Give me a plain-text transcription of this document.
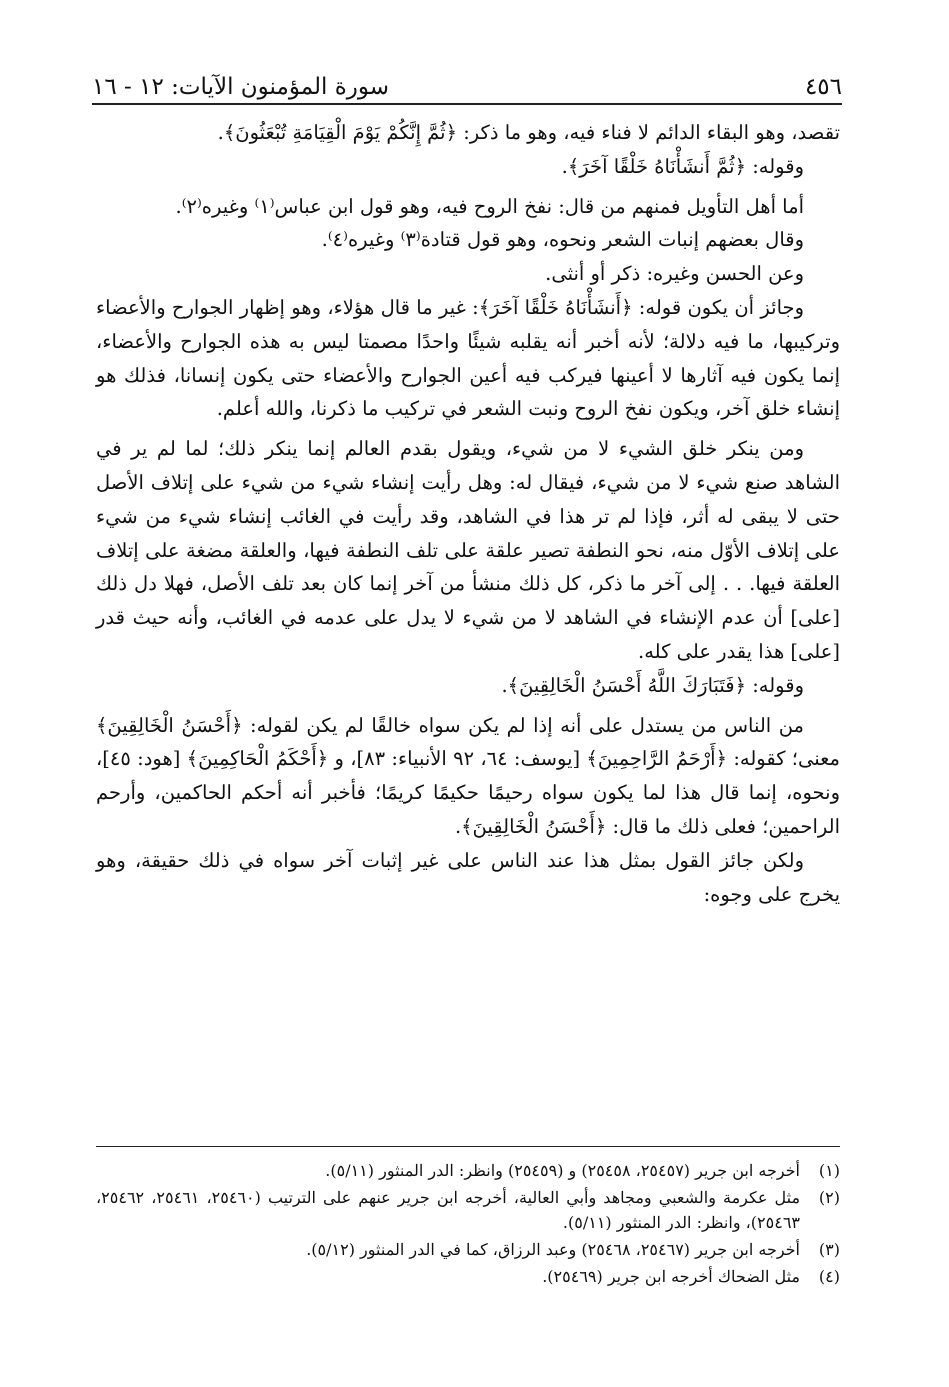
٤٥٦
سورة المؤمنون الآيات: ١٢ - ١٦

تقصد، وهو البقاء الدائم لا فناء فيه، وهو ما ذكر: ﴿ثُمَّ إِنَّكُمْ يَوْمَ الْقِيَامَةِ تُبْعَثُونَ﴾.

وقوله: ﴿ثُمَّ أَنشَأْنَاهُ خَلْقًا آخَرَ﴾.

أما أهل التأويل فمنهم من قال: نفخ الروح فيه، وهو قول ابن عباس⁽١⁾ وغيره⁽٢⁾.

وقال بعضهم إنبات الشعر ونحوه، وهو قول قتادة⁽٣⁾ وغيره⁽٤⁾.

وعن الحسن وغيره: ذكر أو أنثى.

وجائز أن يكون قوله: ﴿أَنشَأْنَاهُ خَلْقًا آخَرَ﴾: غير ما قال هؤلاء، وهو إظهار الجوارح والأعضاء وتركيبها، ما فيه دلالة؛ لأنه أخبر أنه يقلبه شيئًا واحدًا مصمتا ليس به هذه الجوارح والأعضاء، إنما يكون فيه آثارها لا أعينها فيركب فيه أعين الجوارح والأعضاء حتى يكون إنسانا، فذلك هو إنشاء خلق آخر، ويكون نفخ الروح ونبت الشعر في تركيب ما ذكرنا، والله أعلم.

ومن ينكر خلق الشيء لا من شيء، ويقول بقدم العالم إنما ينكر ذلك؛ لما لم ير في الشاهد صنع شيء لا من شيء، فيقال له: وهل رأيت إنشاء شيء من شيء على إتلاف الأصل حتى لا يبقى له أثر، فإذا لم تر هذا في الشاهد، وقد رأيت في الغائب إنشاء شيء من شيء على إتلاف الأوّل منه، نحو النطفة تصير علقة على تلف النطفة فيها، والعلقة مضغة على إتلاف العلقة فيها. . . إلى آخر ما ذكر، كل ذلك منشأ من آخر إنما كان بعد تلف الأصل، فهلا دل ذلك [على] أن عدم الإنشاء في الشاهد لا من شيء لا يدل على عدمه في الغائب، وأنه حيث قدر [على] هذا يقدر على كله.

وقوله: ﴿فَتَبَارَكَ اللَّهُ أَحْسَنُ الْخَالِقِينَ﴾.

من الناس من يستدل على أنه إذا لم يكن سواه خالقًا لم يكن لقوله: ﴿أَحْسَنُ الْخَالِقِينَ﴾ معنى؛ كقوله: ﴿أَرْحَمُ الرَّاحِمِينَ﴾ [يوسف: ٦٤، ٩٢ الأنبياء: ٨٣]، و ﴿أَحْكَمُ الْحَاكِمِينَ﴾ [هود: ٤٥]، ونحوه، إنما قال هذا لما يكون سواه رحيمًا حكيمًا كريمًا؛ فأخبر أنه أحكم الحاكمين، وأرحم الراحمين؛ فعلى ذلك ما قال: ﴿أَحْسَنُ الْخَالِقِينَ﴾.

ولكن جائز القول بمثل هذا عند الناس على غير إثبات آخر سواه في ذلك حقيقة، وهو يخرج على وجوه:

(١)
أخرجه ابن جرير (٢٥٤٥٧، ٢٥٤٥٨) و (٢٥٤٥٩) وانظر: الدر المنثور (٥/١١).
(٢)
مثل عكرمة والشعبي ومجاهد وأبي العالية، أخرجه ابن جرير عنهم على الترتيب (٢٥٤٦٠، ٢٥٤٦١، ٢٥٤٦٢، ٢٥٤٦٣)، وانظر: الدر المنثور (٥/١١).
(٣)
أخرجه ابن جرير (٢٥٤٦٧، ٢٥٤٦٨) وعبد الرزاق، كما في الدر المنثور (٥/١٢).
(٤)
مثل الضحاك أخرجه ابن جرير (٢٥٤٦٩).
